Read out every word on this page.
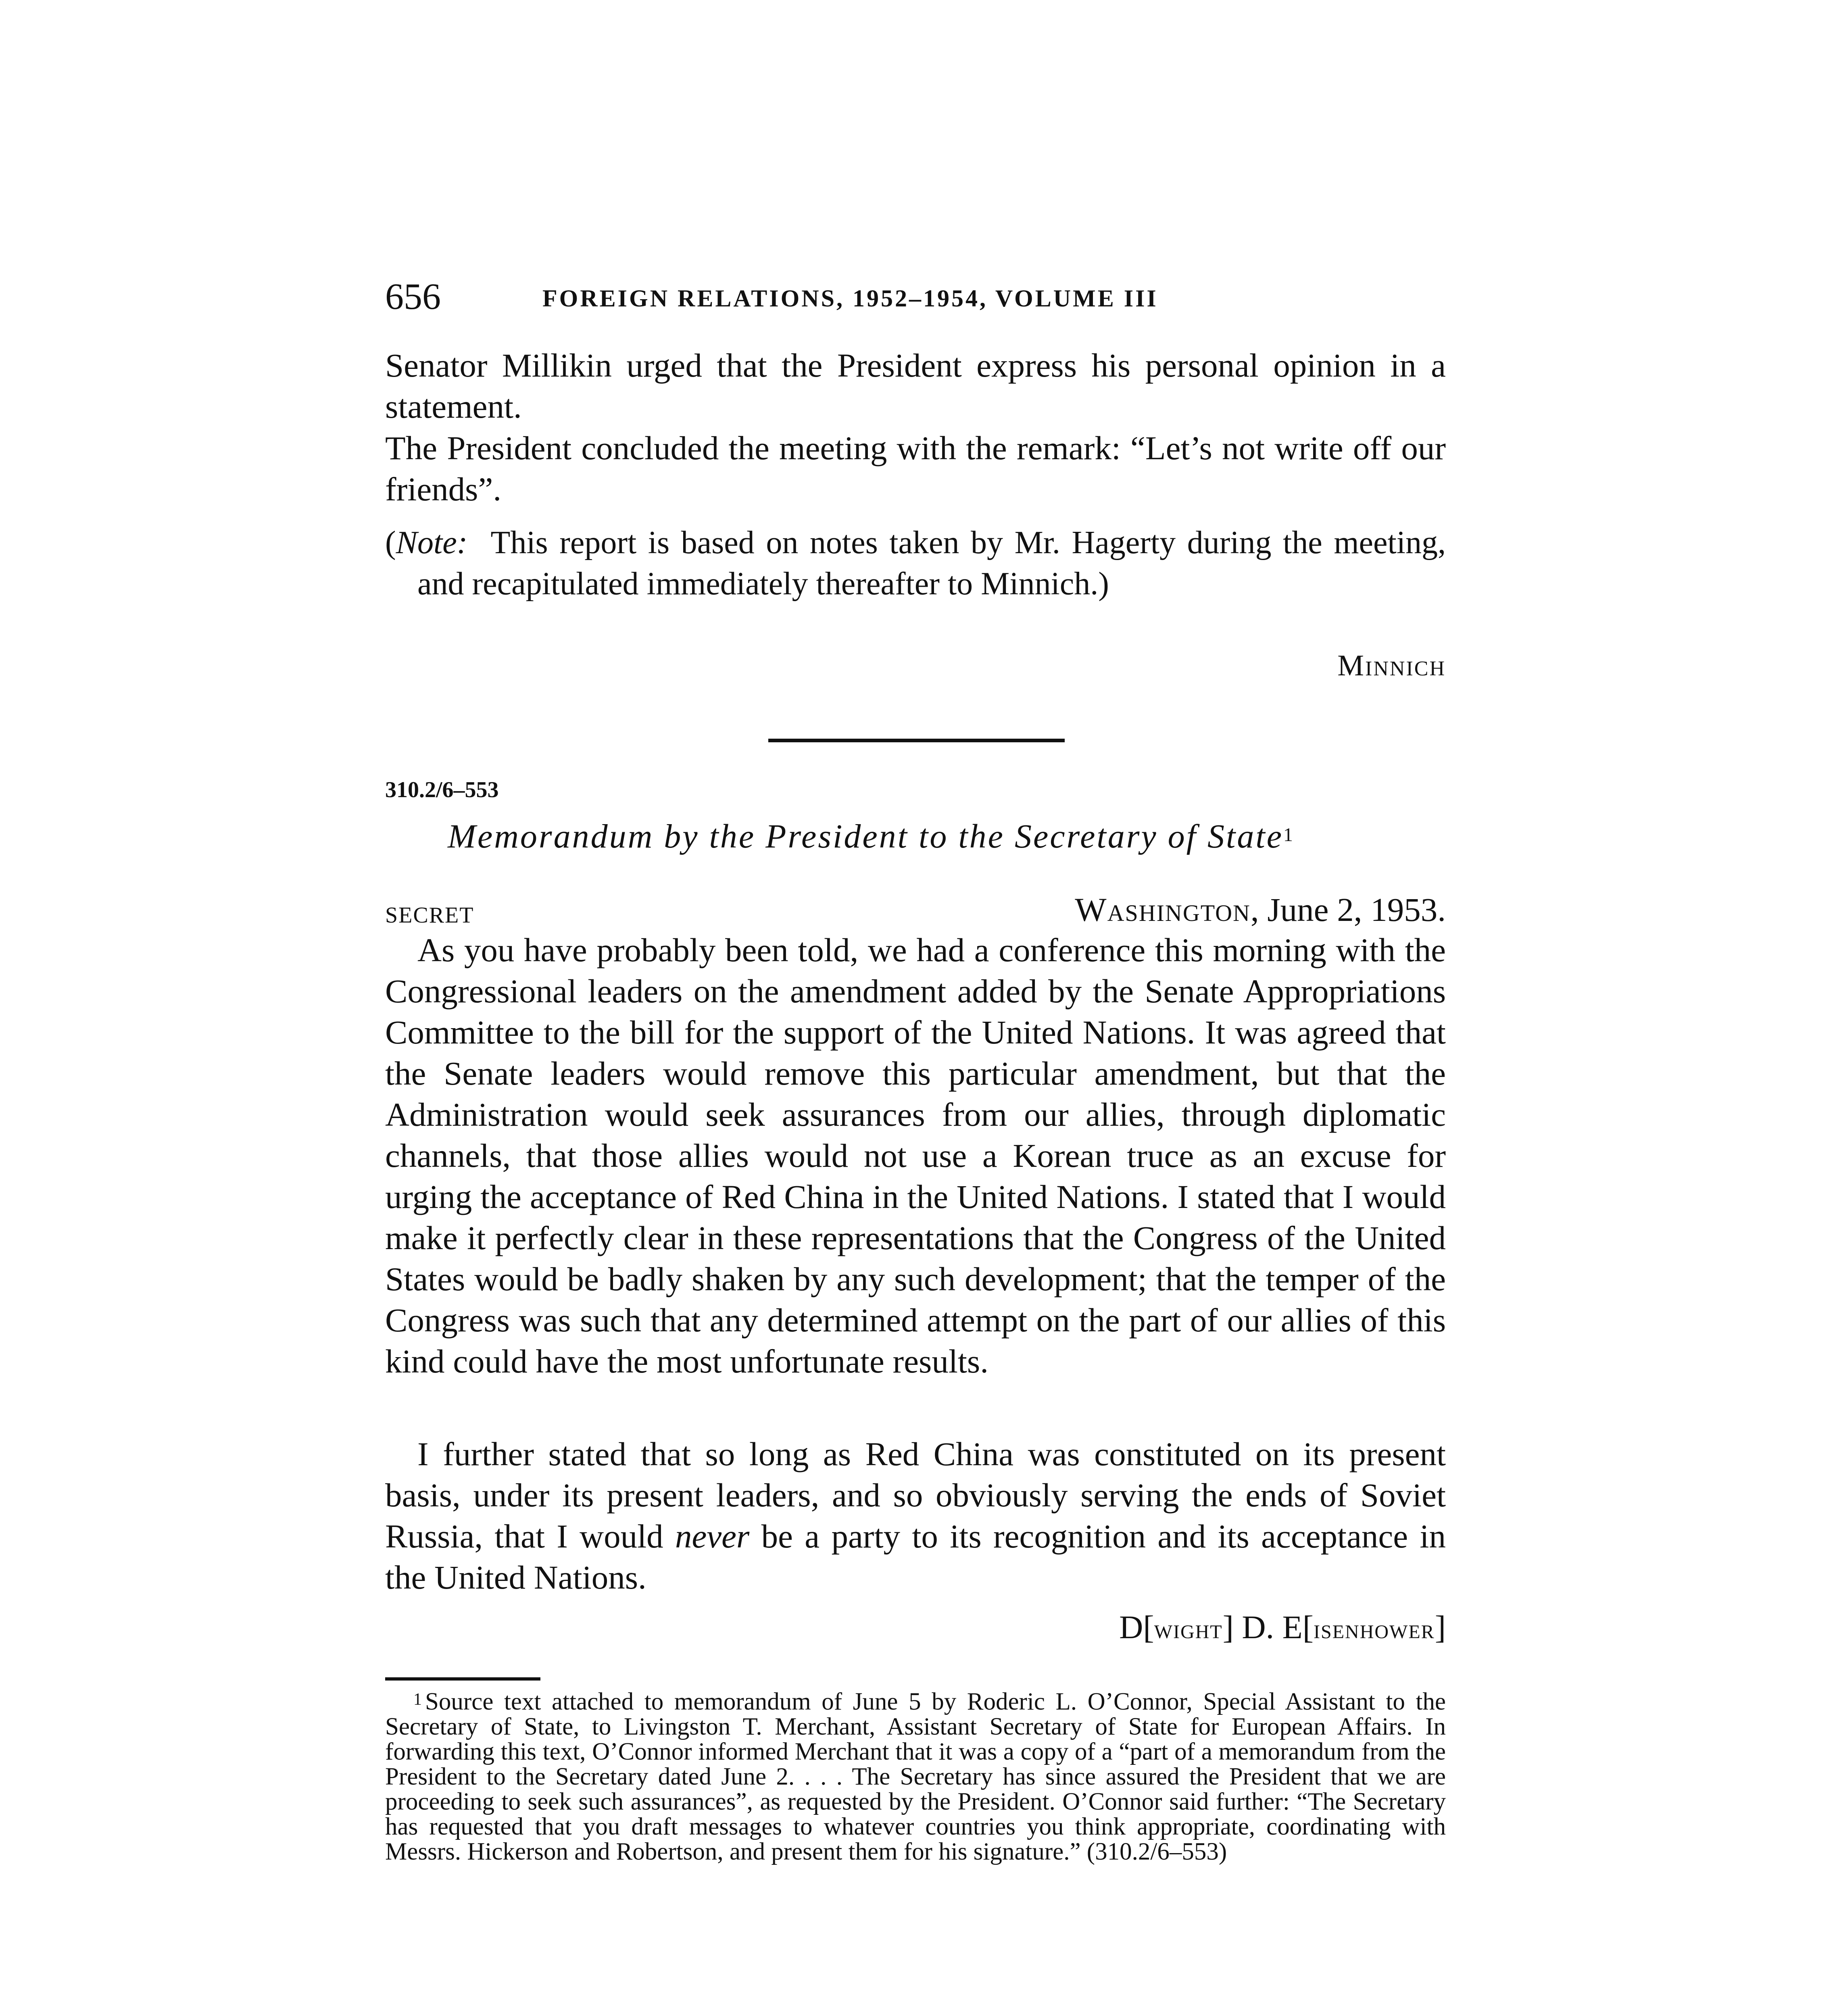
656	FOREIGN RELATIONS, 1952–1954, VOLUME III
Senator Millikin urged that the President express his personal opinion in a statement.
The President concluded the meeting with the remark: “Let’s not write off our friends”.
(Note: This report is based on notes taken by Mr. Hagerty during the meeting, and recapitulated immediately thereafter to Minnich.)
Minnich
310.2/6–553
Memorandum by the President to the Secretary of State$^1$
SECRET	Washington, June 2, 1953.
As you have probably been told, we had a conference this morning with the Congressional leaders on the amendment added by the Senate Appropriations Committee to the bill for the support of the United Nations. It was agreed that the Senate leaders would remove this particular amendment, but that the Administration would seek assurances from our allies, through diplomatic channels, that those allies would not use a Korean truce as an excuse for urging the acceptance of Red China in the United Nations. I stated that I would make it perfectly clear in these representations that the Congress of the United States would be badly shaken by any such development; that the temper of the Congress was such that any determined attempt on the part of our allies of this kind could have the most unfortunate results.
I further stated that so long as Red China was constituted on its present basis, under its present leaders, and so obviously serving the ends of Soviet Russia, that I would never be a party to its recognition and its acceptance in the United Nations.
D[wight] D. E[isenhower]
$^1$ Source text attached to memorandum of June 5 by Roderic L. O’Connor, Special Assistant to the Secretary of State, to Livingston T. Merchant, Assistant Secretary of State for European Affairs. In forwarding this text, O’Connor informed Merchant that it was a copy of a “part of a memorandum from the President to the Secretary dated June 2. . . . The Secretary has since assured the President that we are proceeding to seek such assurances”, as requested by the President. O’Connor said further: “The Secretary has requested that you draft messages to whatever countries you think appropriate, coordinating with Messrs. Hickerson and Robertson, and present them for his signature.” (310.2/6–553)
